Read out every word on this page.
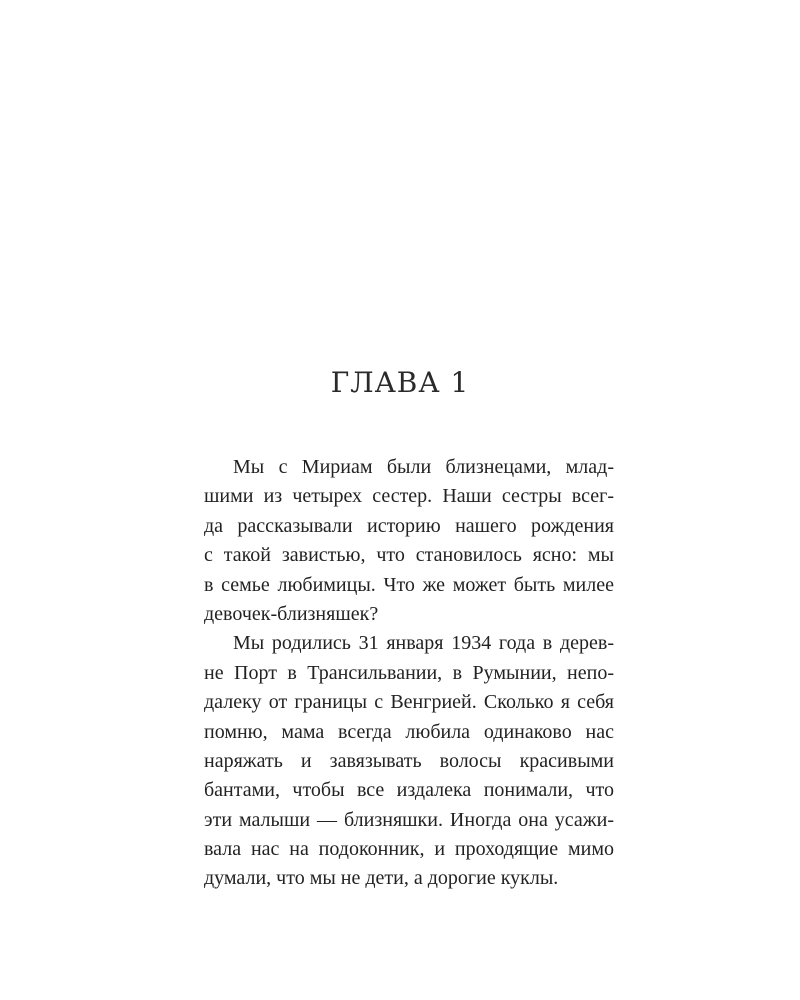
ГЛАВА 1
Мы с Мириам были близнецами, млад-
шими из четырех сестер. Наши сестры всег-
да рассказывали историю нашего рождения
с такой завистью, что становилось ясно: мы
в семье любимицы. Что же может быть милее
девочек-близняшек?
Мы родились 31 января 1934 года в дерев-
не Порт в Трансильвании, в Румынии, непо-
далеку от границы с Венгрией. Сколько я себя
помню, мама всегда любила одинаково нас
наряжать и завязывать волосы красивыми
бантами, чтобы все издалека понимали, что
эти малыши — близняшки. Иногда она усажи-
вала нас на подоконник, и проходящие мимо
думали, что мы не дети, а дорогие куклы.
